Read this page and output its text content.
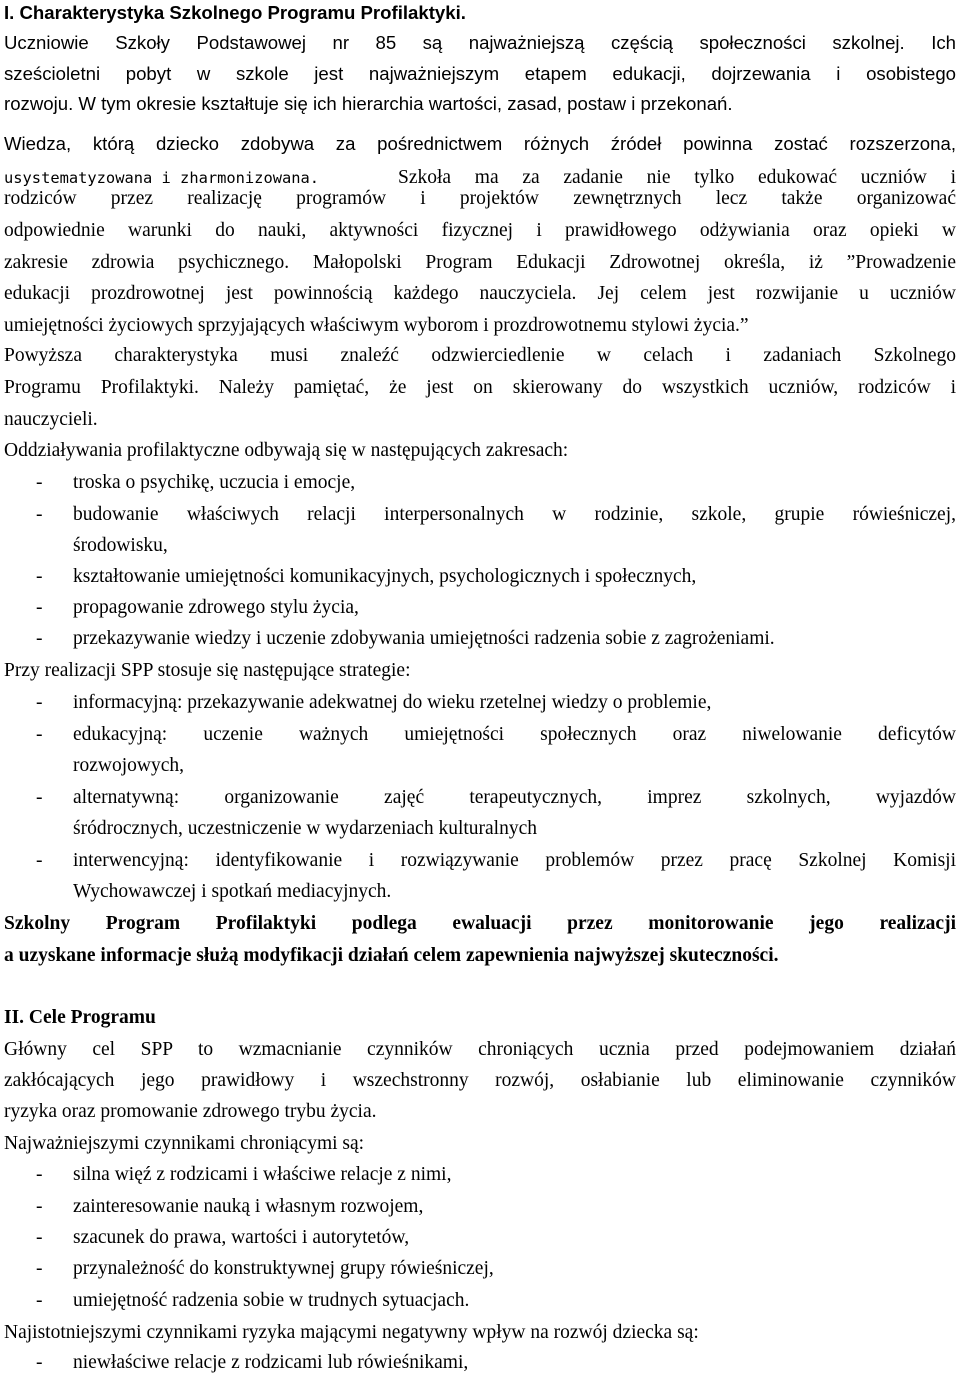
I. Charakterystyka Szkolnego Programu Profilaktyki.
Uczniowie Szkoły Podstawowej nr 85 są najważniejszą częścią społeczności szkolnej. Ich
sześcioletni pobyt w szkole jest najważniejszym etapem edukacji, dojrzewania i osobistego
rozwoju. W tym okresie kształtuje się ich hierarchia wartości, zasad, postaw i przekonań.
Wiedza, którą dziecko zdobywa za pośrednictwem różnych źródeł powinna zostać rozszerzona,
usystematyzowana i zharmonizowana.	Szkoła ma za zadanie nie tylko edukować uczniów i
rodziców przez realizację programów i projektów zewnętrznych lecz także organizować
odpowiednie warunki do nauki, aktywności fizycznej i prawidłowego odżywiania oraz opieki w
zakresie zdrowia psychicznego. Małopolski Program Edukacji Zdrowotnej określa, iż ”Prowadzenie
edukacji prozdrowotnej jest powinnością każdego nauczyciela. Jej celem jest rozwijanie u uczniów
umiejętności życiowych sprzyjających właściwym wyborom i prozdrowotnemu stylowi życia.”
Powyższa charakterystyka musi znaleźć odzwierciedlenie w celach i zadaniach Szkolnego
Programu Profilaktyki. Należy pamiętać, że jest on skierowany do wszystkich uczniów, rodziców i
nauczycieli.
Oddziaływania profilaktyczne odbywają się w następujących zakresach:
- troska o psychikę, uczucia i emocje,
- budowanie właściwych relacji interpersonalnych w rodzinie, szkole, grupie rówieśniczej,
środowisku,
- kształtowanie umiejętności komunikacyjnych, psychologicznych i społecznych,
- propagowanie zdrowego stylu życia,
- przekazywanie wiedzy i uczenie zdobywania umiejętności radzenia sobie z zagrożeniami.
Przy realizacji SPP stosuje się następujące strategie:
- informacyjną: przekazywanie adekwatnej do wieku rzetelnej wiedzy o problemie,
- edukacyjną: uczenie ważnych umiejętności społecznych oraz niwelowanie deficytów
rozwojowych,
- alternatywną: organizowanie zajęć terapeutycznych, imprez szkolnych, wyjazdów
śródrocznych, uczestniczenie w wydarzeniach kulturalnych
- interwencyjną: identyfikowanie i rozwiązywanie problemów przez pracę Szkolnej Komisji
Wychowawczej i spotkań mediacyjnych.
Szkolny Program Profilaktyki podlega ewaluacji przez monitorowanie jego realizacji
a uzyskane informacje służą modyfikacji działań celem zapewnienia najwyższej skuteczności.
II. Cele Programu
Główny cel SPP to wzmacnianie czynników chroniących ucznia przed podejmowaniem działań
zakłócających jego prawidłowy i wszechstronny rozwój, osłabianie lub eliminowanie czynników
ryzyka oraz promowanie zdrowego trybu życia.
Najważniejszymi czynnikami chroniącymi są:
- silna więź z rodzicami i właściwe relacje z nimi,
- zainteresowanie nauką i własnym rozwojem,
- szacunek do prawa, wartości i autorytetów,
- przynależność do konstruktywnej grupy rówieśniczej,
- umiejętność radzenia sobie w trudnych sytuacjach.
Najistotniejszymi czynnikami ryzyka mającymi negatywny wpływ na rozwój dziecka są:
- niewłaściwe relacje z rodzicami lub rówieśnikami,
